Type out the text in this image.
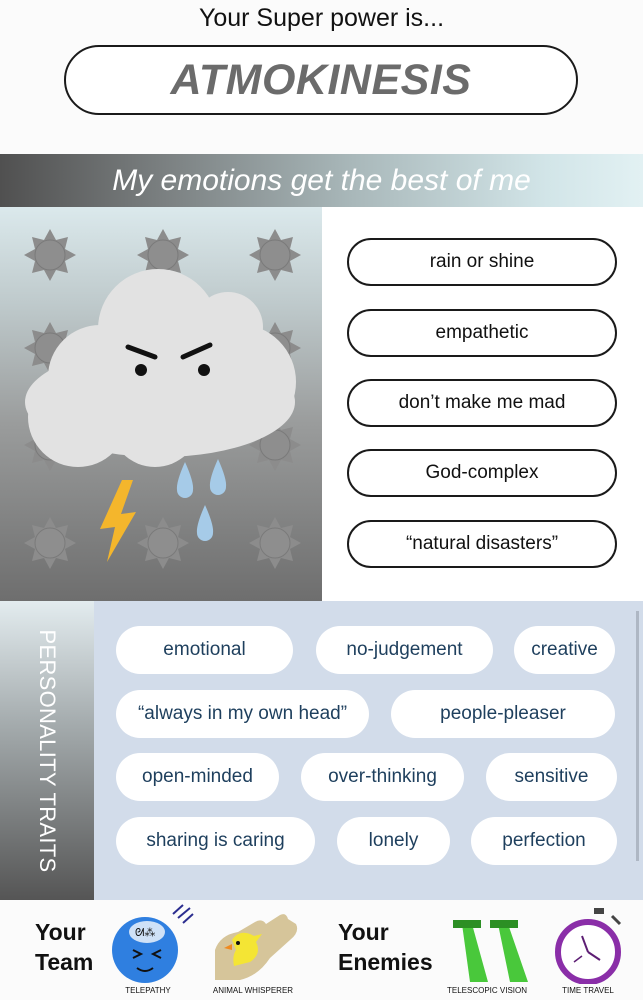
Your Super power is...
ATMOKINESIS
My emotions get the best of me
rain or shine
empathetic
don’t make me mad
God-complex
“natural disasters”
PERSONALITY TRAITS	emotional	no-judgement	creative
“always in my own head”	people-pleaser
open-minded	over-thinking	sensitive
sharing is caring	lonely	perfection
Your
Team
ᘛ⁂
TELEPATHY	ANIMAL WHISPERER
Your
Enemies
TELESCOPIC VISION	TIME TRAVEL
